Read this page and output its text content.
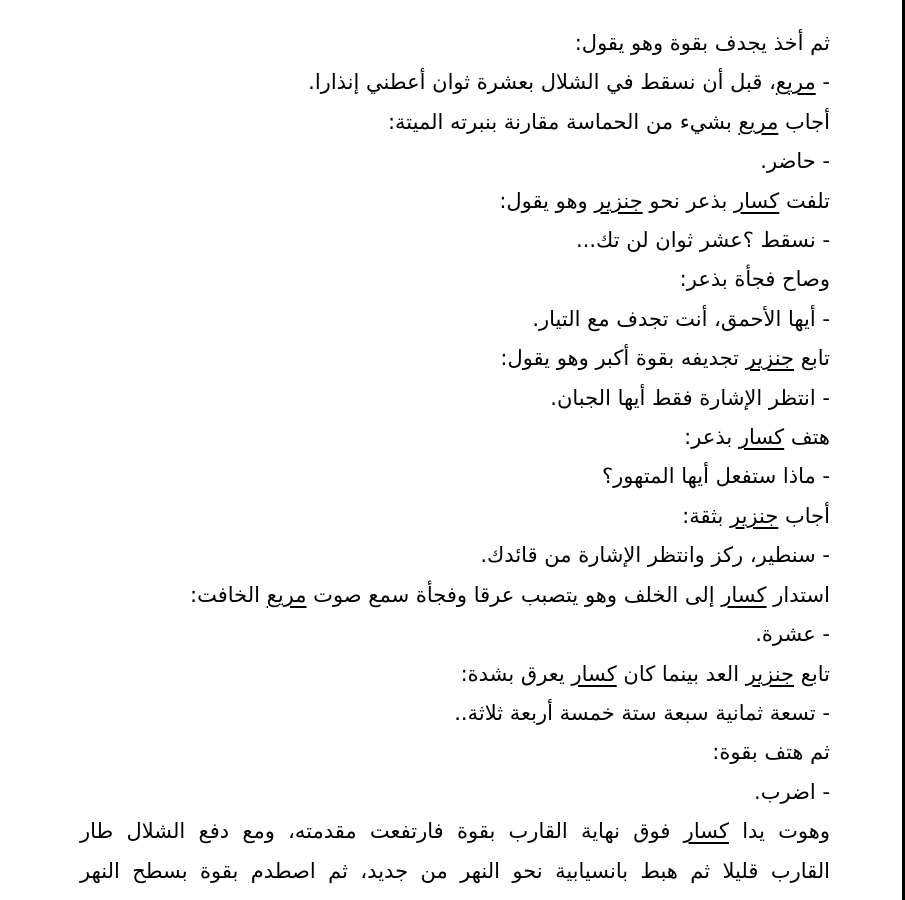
ثم أخذ يجدف بقوة وهو يقول:
- مريع، قبل أن نسقط في الشلال بعشرة ثوان أعطني إنذارا.
أجاب مريع بشيء من الحماسة مقارنة بنبرته الميتة:
- حاضر.
تلفت كسار بذعر نحو جنزير وهو يقول:
- نسقط ؟عشر ثوان لن تك...
وصاح فجأة بذعر:
- أيها الأحمق، أنت تجدف مع التيار.
تابع جنزير تجديفه بقوة أكبر وهو يقول:
- انتظر الإشارة فقط أيها الجبان.
هتف كسار بذعر:
- ماذا ستفعل أيها المتهور؟
أجاب جنزير بثقة:
- سنطير، ركز وانتظر الإشارة من قائدك.
استدار كسار إلى الخلف وهو يتصبب عرقا وفجأة سمع صوت مريع الخافت:
- عشرة.
تابع جنزير العد بينما كان كسار يعرق بشدة:
- تسعة ثمانية سبعة ستة خمسة أربعة ثلاثة..
ثم هتف بقوة:
- اضرب.
وهوت يدا كسار فوق نهاية القارب بقوة فارتفعت مقدمته، ومع دفع الشلال طار
القارب قليلا ثم هبط بانسيابية نحو النهر من جديد، ثم اصطدم بقوة بسطح النهر
